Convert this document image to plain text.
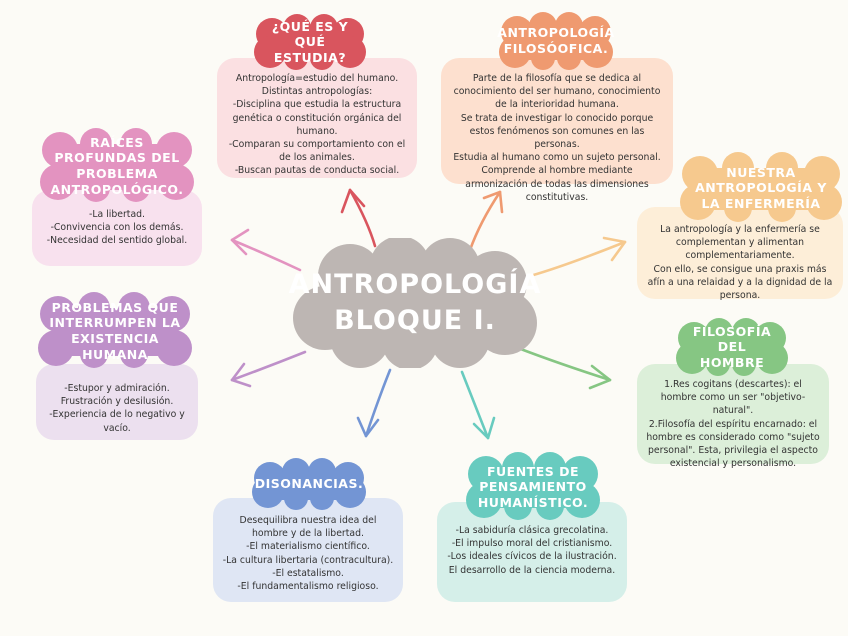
ANTROPOLOGÍA
BLOQUE I.

Antropología=estudio del humano.

Distintas antropologías:

-Disciplina que estudia la estructura genética o constitución orgánica del humano.

-Comparan su comportamiento con el de los animales.

-Buscan pautas de conducta social.

¿QUÉ ES Y QUÉ ESTUDIA?

Parte de la filosofía que se dedica al conocimiento del ser humano, conocimiento de la interioridad humana.

Se trata de investigar lo conocido porque estos fenómenos son comunes en las personas.

Estudia al humano como un sujeto personal.

Comprende al hombre mediante armonización de todas las dimensiones constitutivas.

ANTROPOLOGÍA FILOSÓOFICA.

-La libertad.

-Convivencia con los demás.

-Necesidad del sentido global.

RAÍCES PROFUNDAS DEL PROBLEMA ANTROPOLÓGICO.

La antropología y la enfermería se complementan y alimentan complementariamente.

Con ello, se consigue una praxis más afín a una relaidad y a la dignidad de la persona.

NUESTRA ANTROPOLOGÍA Y LA ENFERMERÍA

-Estupor y admiración.

Frustración y desilusión.

-Experiencia de lo negativo y vacío.

PROBLEMAS QUE INTERRUMPEN LA EXISTENCIA HUMANA

1.Res cogitans (descartes): el hombre como un ser "objetivo-natural".

2.Filosofía del espíritu encarnado: el hombre es considerado como "sujeto personal". Esta, privilegia el aspecto existencial y personalismo.

FILOSOFÍA DEL HOMBRE

Desequilibra nuestra idea del hombre y de la libertad.

-El materialismo científico.

-La cultura libertaria (contracultura).

-El estatalismo.

-El fundamentalismo religioso.

DISONANCIAS.

-La sabiduría clásica grecolatina.

-El impulso moral del cristianismo.

-Los ideales cívicos de la ilustración.

El desarrollo de la ciencia moderna.

FUENTES DE PENSAMIENTO HUMANÍSTICO.
